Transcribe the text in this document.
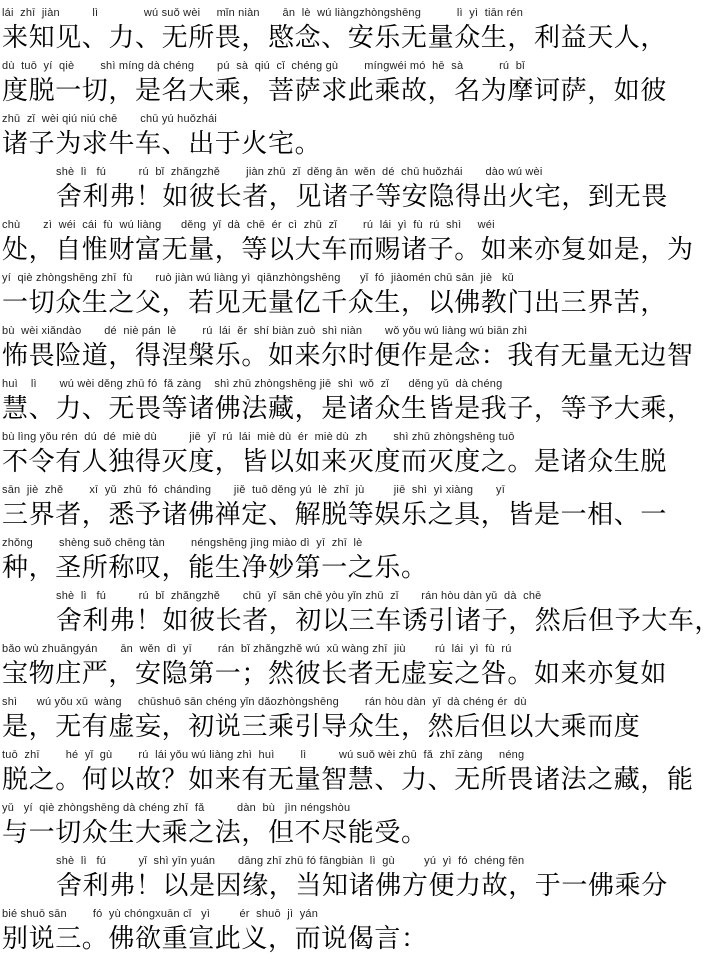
lái  zhī  jiàn          lì              wú suǒ wèi     mǐn niàn       ān  lè  wú liàngzhòngshēng           lì  yì  tiān rén
来知见、力、无所畏，愍念、安乐无量众生，利益天人，
dù  tuō  yí  qiè        shì míng dà chéng       pú  sà  qiú  cǐ  chéng gù        míngwéi mó  hē  sà           rú  bǐ
度脱一切，是名大乘，菩萨求此乘故，名为摩诃萨，如彼
zhū  zǐ  wèi qiú niú chē       chū yú huǒzhái
诸子为求牛车、出于火宅。
shè  lì   fú          rú  bǐ  zhǎngzhě        jiàn zhū  zǐ  děng ān  wěn  dé  chū huǒzhái       dào wú wèi
舍利弗！如彼长者，见诸子等安隐得出火宅，到无畏
chù       zì  wéi  cái  fù  wú liàng      děng  yǐ  dà  chē  ér  cì  zhū  zǐ        rú  lái  yì  fù  rú  shì     wéi
处，自惟财富无量，等以大车而赐诸子。如来亦复如是，为
yí  qiè zhòngshēng zhī  fù       ruò jiàn wú liàng yì  qiānzhòngshēng      yǐ  fó  jiàomén chū sān  jiè   kǔ
一切众生之父，若见无量亿千众生，以佛教门出三界苦，
bù  wèi xiǎndào       dé  niè pán  lè        rú  lái  ěr  shí biàn zuò  shì niàn       wǒ yǒu wú liàng wú biān zhì
怖畏险道，得涅槃乐。如来尔时便作是念：我有无量无边智
huì    lì       wú wèi děng zhū fó  fǎ zàng    shì zhū zhòngshēng jiē  shì  wǒ  zǐ      děng yǔ  dà chéng
慧、力、无畏等诸佛法藏，是诸众生皆是我子，等予大乘，
bù lìng yǒu rén  dú  dé  miè dù          jiē  yǐ  rú  lái  miè dù  ér  miè dù  zh        shì zhū zhòngshēng tuō
不令有人独得灭度，皆以如来灭度而灭度之。是诸众生脱
sān  jiè  zhě        xī  yǔ  zhū  fó  chándìng       jiě  tuō děng yú  lè  zhī  jù         jiē  shì  yì xiàng       yī
三界者，悉予诸佛禅定、解脱等娱乐之具，皆是一相、一
zhǒng        shèng suǒ chēng tàn        néngshēng jìng miào dì  yī  zhī  lè
种，圣所称叹，能生净妙第一之乐。
shè  lì   fú          rú  bǐ  zhǎngzhě       chū  yǐ  sān chē yòu yǐn zhū  zǐ       rán hòu dàn yǔ  dà  chē
舍利弗！如彼长者，初以三车诱引诸子，然后但予大车，
bǎo wù zhuāngyán       ān  wěn  dì  yī        rán  bǐ zhǎngzhě wú  xū wàng zhī  jiù         rú  lái  yì  fù  rú
宝物庄严，安隐第一；然彼长者无虚妄之咎。如来亦复如
shì      wú yǒu xū  wàng     chūshuō sān chéng yǐn dǎozhòngshēng        rán hòu dàn  yǐ  dà chéng ér  dù
是，无有虚妄，初说三乘引导众生，然后但以大乘而度
tuō  zhī        hé  yǐ  gù        rú  lái yǒu wú liàng zhì  huì        lì          wú suǒ wèi zhū  fǎ  zhī zàng     néng
脱之。何以故？如来有无量智慧、力、无所畏诸法之藏，能
yǔ   yí  qiè zhòngshēng dà chéng zhī  fǎ          dàn  bù   jìn néngshòu
与一切众生大乘之法，但不尽能受。
shè  lì   fú          yǐ  shì yīn yuán       dāng zhī zhū fó fāngbiàn  lì  gù         yú  yì  fó  chéng fēn
舍利弗！以是因缘，当知诸佛方便力故，于一佛乘分
bié shuō sān        fó  yù chóngxuān cǐ   yì         ér  shuō  jì  yán
别说三。佛欲重宣此义，而说偈言：
